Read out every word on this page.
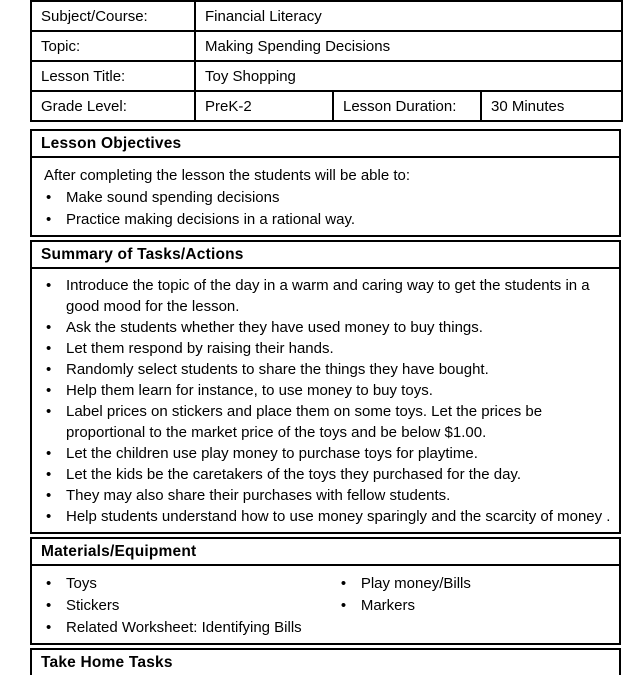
Subject/Course:	Financial Literacy		
Topic:	Making Spending Decisions		
Lesson Title:	Toy Shopping		
Grade Level:	PreK-2	Lesson Duration:	30 Minutes
Lesson Objectives

After completing the lesson the students will be able to:

• Make sound spending decisions
• Practice making decisions in a rational way.
Summary of Tasks/Actions
• Introduce the topic of the day in a warm and caring way to get the students in a good mood for the lesson.
• Ask the students whether they have used money to buy things.
• Let them respond by raising their hands.
• Randomly select students to share the things they have bought.
• Help them learn for instance, to use money to buy toys.
• Label prices on stickers and place them on some toys. Let the prices be proportional to the market price of the toys and be below $1.00.
• Let the children use play money to purchase toys for playtime.
• Let the kids be the caretakers of the toys they purchased for the day.
• They may also share their purchases with fellow students.
• Help students understand how to use money sparingly and the scarcity of money .
Materials/Equipment
• Toys
• Stickers
• Related Worksheet: Identifying Bills
• Play money/Bills
• Markers
Take Home Tasks
